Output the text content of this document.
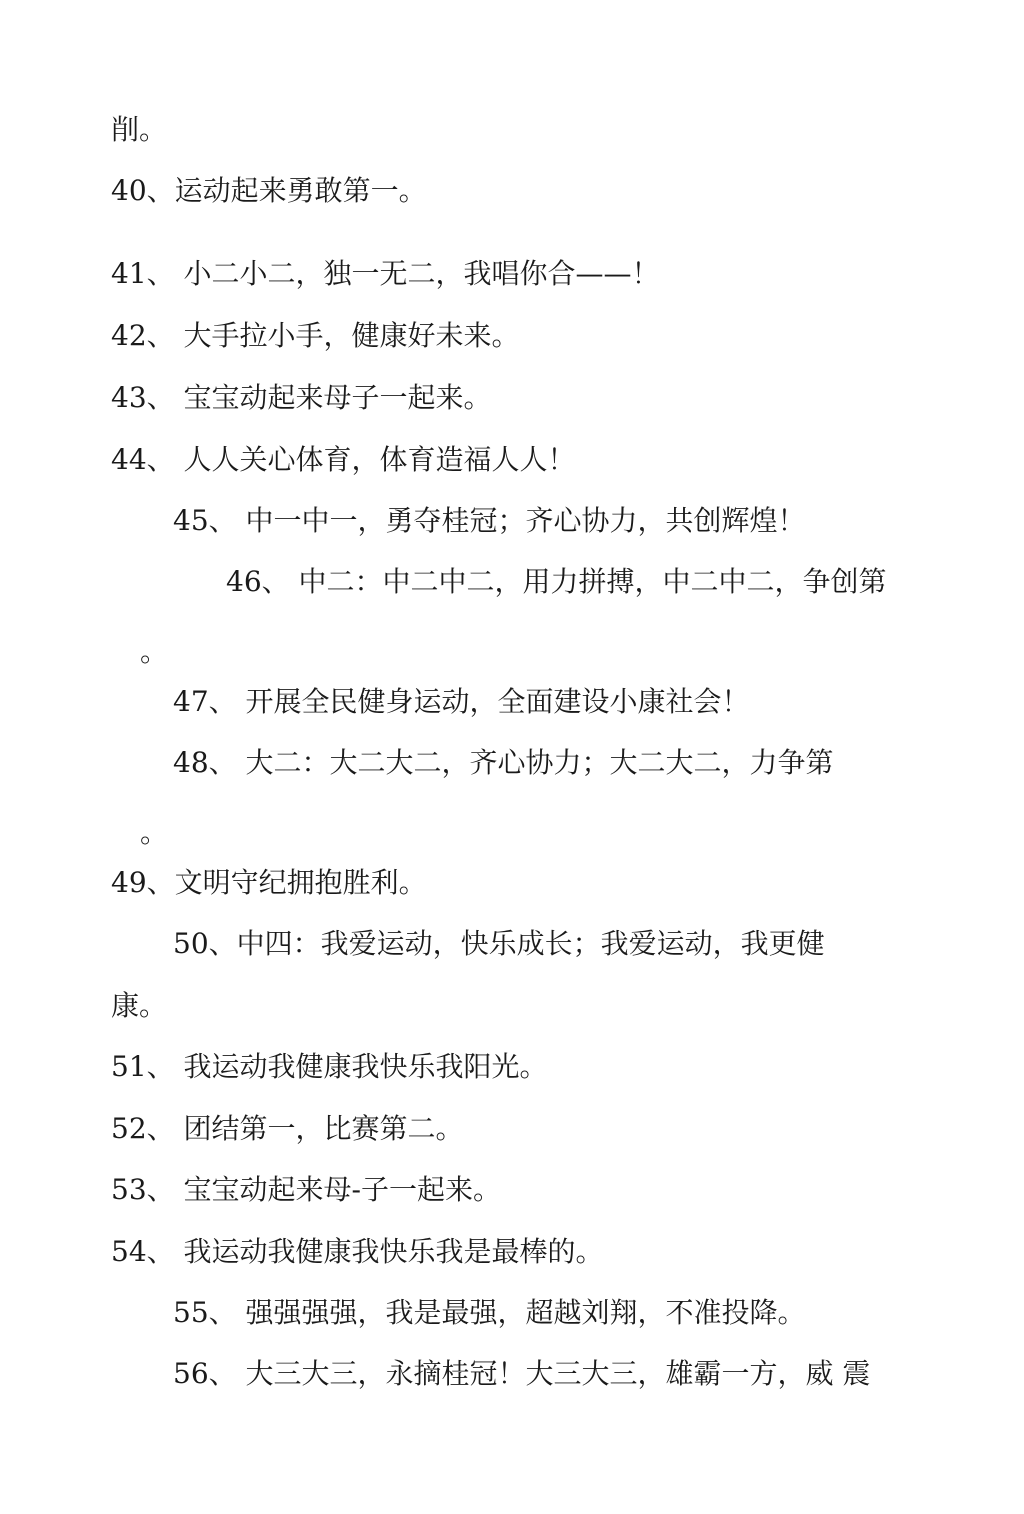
削。
40、运动起来勇敢第一。
41、 小二小二，独一无二，我唱你合——！
42、 大手拉小手，健康好未来。
43、 宝宝动起来母子一起来。
44、 人人关心体育，体育造福人人！
45、 中一中一，勇夺桂冠；齐心协力，共创辉煌！
46、 中二：中二中二，用力拼搏，中二中二，争创第
。
47、 开展全民健身运动，全面建设小康社会！
48、 大二：大二大二，齐心协力；大二大二，力争第
。
49、文明守纪拥抱胜利。
50、中四：我爱运动，快乐成长；我爱运动，我更健
康。
51、 我运动我健康我快乐我阳光。
52、 团结第一，比赛第二。
53、 宝宝动起来母-子一起来。
54、 我运动我健康我快乐我是最棒的。
55、 强强强强，我是最强，超越刘翔，不准投降。
56、 大三大三，永摘桂冠！大三大三，雄霸一方，威 震
